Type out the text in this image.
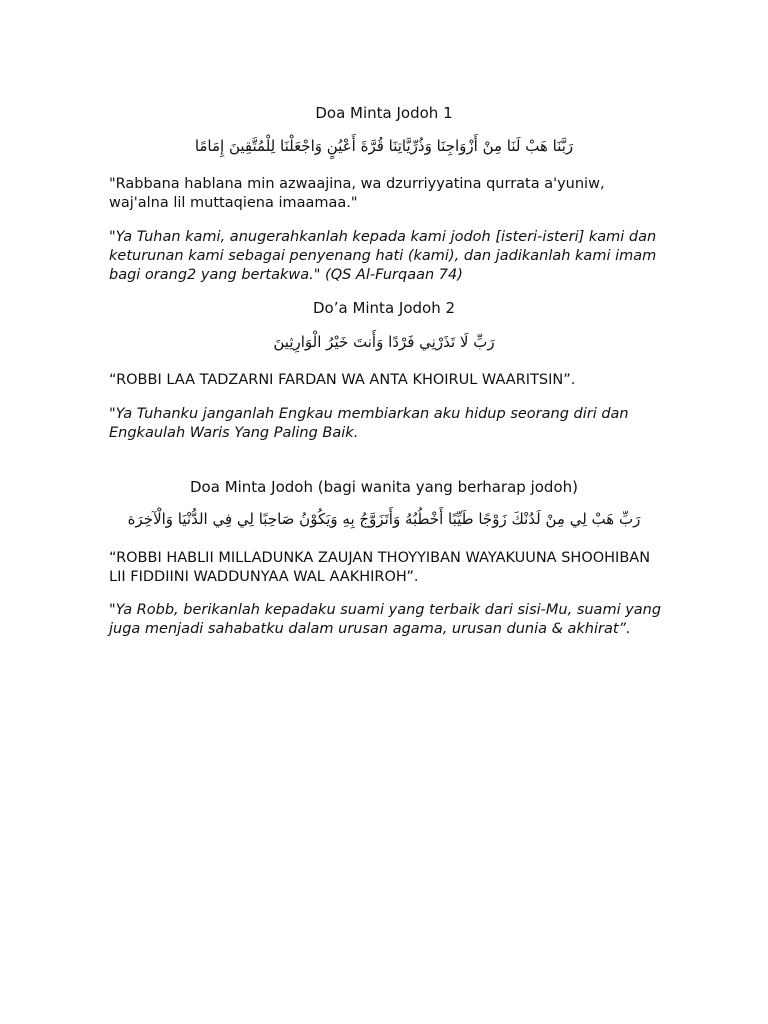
Doa Minta Jodoh 1
رَبَّنَا هَبْ لَنَا مِنْ أَزْوَاجِنَا وَذُرِّيَّاتِنَا قُرَّةَ أَعْيُنٍ وَاجْعَلْنَا لِلْمُتَّقِينَ إِمَامًا
"Rabbana hablana min azwaajina, wa dzurriyyatina qurrata a'yuniw, waj'alna lil muttaqiena imaamaa."
"Ya Tuhan kami, anugerahkanlah kepada kami jodoh [isteri-isteri] kami dan keturunan kami sebagai penyenang hati (kami), dan jadikanlah kami imam bagi orang2 yang bertakwa." (QS Al-Furqaan 74)
Do’a Minta Jodoh 2
رَبِّ لَا تَذَرْنِي فَرْدًا وَأَنتَ خَيْرُ الْوَارِثِينَ
“ROBBI LAA TADZARNI FARDAN WA ANTA KHOIRUL WAARITSIN”.
"Ya Tuhanku janganlah Engkau membiarkan aku hidup seorang diri dan Engkaulah Waris Yang Paling Baik.
Doa Minta Jodoh (bagi wanita yang berharap jodoh)
رَبِّ هَبْ لِي مِنْ لَدُنْكَ زَوْجًا طَيِّبًا أَخْطُبُهُ وَأَتَزَوَّجُ بِهِ وَيَكُوْنُ صَاحِبًا لِي فِي الدُّنْيَا وَالْآخِرَة
“ROBBI HABLII MILLADUNKA ZAUJAN THOYYIBAN WAYAKUUNA SHOOHIBAN LII FIDDIINI WADDUNYAA WAL AAKHIROH”.
"Ya Robb, berikanlah kepadaku suami yang terbaik dari sisi-Mu, suami yang juga menjadi sahabatku dalam urusan agama, urusan dunia & akhirat”.
